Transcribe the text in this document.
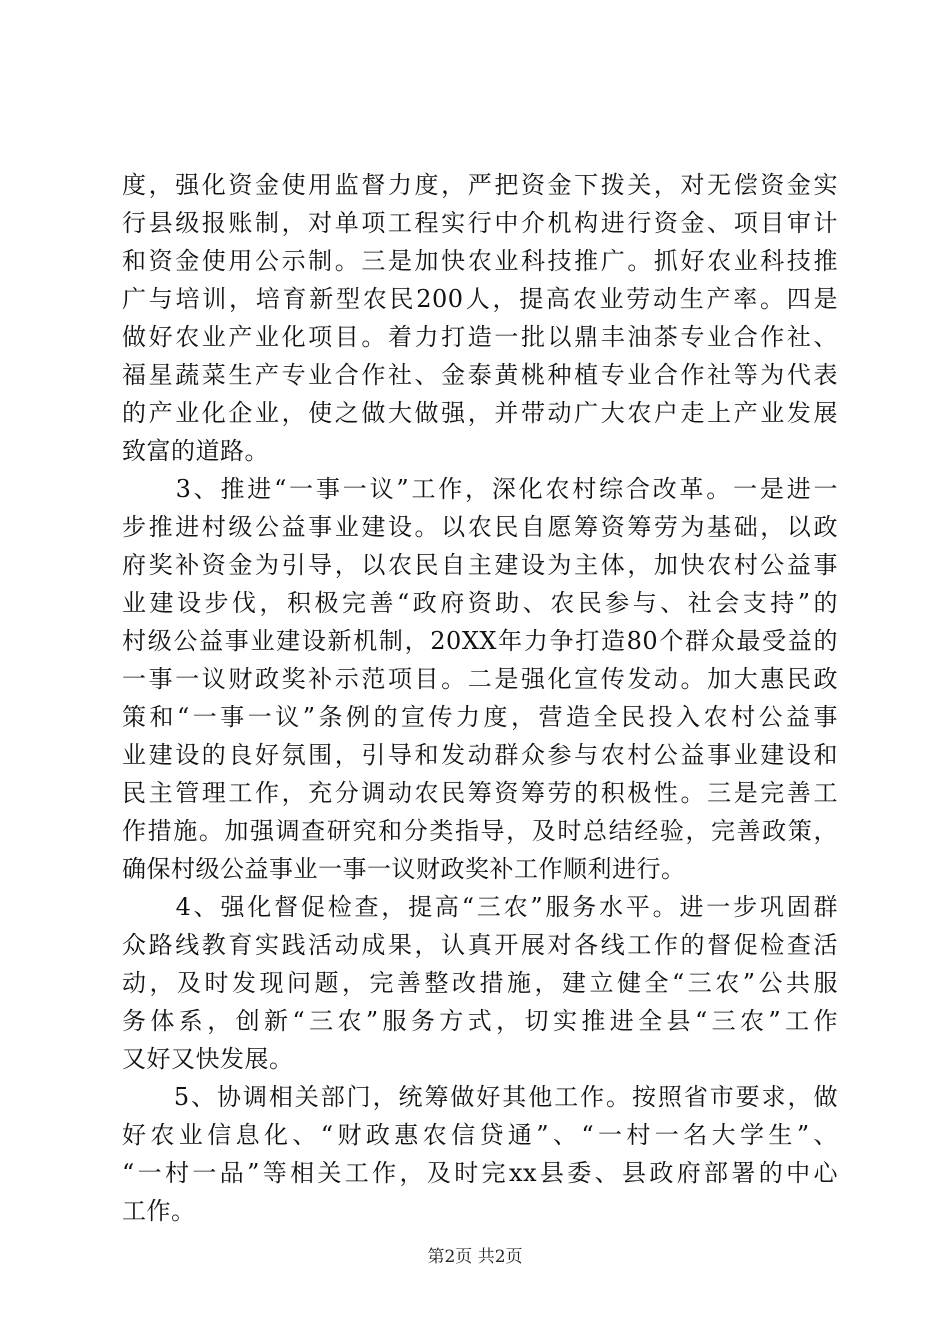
度，强化资金使用监督力度，严把资金下拨关，对无偿资金实
行县级报账制，对单项工程实行中介机构进行资金、项目审计
和资金使用公示制。三是加快农业科技推广。抓好农业科技推
广与培训，培育新型农民200人，提高农业劳动生产率。四是
做好农业产业化项目。着力打造一批以鼎丰油茶专业合作社、
福星蔬菜生产专业合作社、金泰黄桃种植专业合作社等为代表
的产业化企业，使之做大做强，并带动广大农户走上产业发展
致富的道路。
　　3、推进“一事一议”工作，深化农村综合改革。一是进一
步推进村级公益事业建设。以农民自愿筹资筹劳为基础，以政
府奖补资金为引导，以农民自主建设为主体，加快农村公益事
业建设步伐，积极完善“政府资助、农民参与、社会支持”的
村级公益事业建设新机制，20XX年力争打造80个群众最受益的
一事一议财政奖补示范项目。二是强化宣传发动。加大惠民政
策和“一事一议”条例的宣传力度，营造全民投入农村公益事
业建设的良好氛围，引导和发动群众参与农村公益事业建设和
民主管理工作，充分调动农民筹资筹劳的积极性。三是完善工
作措施。加强调查研究和分类指导，及时总结经验，完善政策，
确保村级公益事业一事一议财政奖补工作顺利进行。
　　4、强化督促检查，提高“三农”服务水平。进一步巩固群
众路线教育实践活动成果，认真开展对各线工作的督促检查活
动，及时发现问题，完善整改措施，建立健全“三农”公共服
务体系，创新“三农”服务方式，切实推进全县“三农”工作
又好又快发展。
　　5、协调相关部门，统筹做好其他工作。按照省市要求，做
好农业信息化、“财政惠农信贷通”、“一村一名大学生”、
“一村一品”等相关工作，及时完xx县委、县政府部署的中心
工作。
第2页 共2页
